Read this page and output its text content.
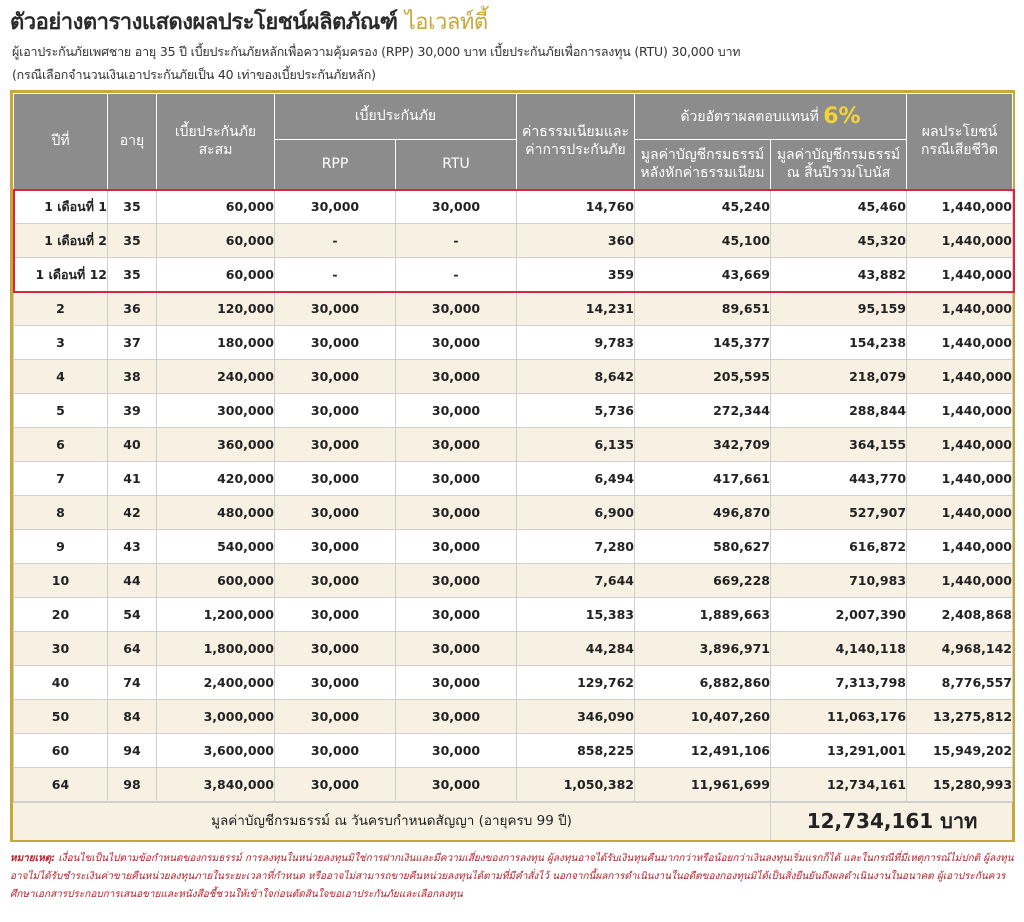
ตัวอย่างตารางแสดงผลประโยชน์ผลิตภัณฑ์ ไอเวลท์ตี้
ผู้เอาประกันภัยเพศชาย อายุ 35 ปี เบี้ยประกันภัยหลักเพื่อความคุ้มครอง (RPP) 30,000 บาท เบี้ยประกันภัยเพื่อการลงทุน (RTU) 30,000 บาท
(กรณีเลือกจำนวนเงินเอาประกันภัยเป็น 40 เท่าของเบี้ยประกันภัยหลัก)
ปีที่	อายุ	เบี้ยประกันภัย สะสม	เบี้ยประกันภัย		ค่าธรรมเนียมและ ค่าการประกันภัย	ด้วยอัตราผลตอบแทนที่ 6%		ผลประโยชน์ กรณีเสียชีวิต
			RPP	RTU		มูลค่าบัญชีกรมธรรม์ หลังหักค่าธรรมเนียม	มูลค่าบัญชีกรมธรรม์ ณ สิ้นปีรวมโบนัส	
1 เดือนที่ 1	35	60,000	30,000	30,000	14,760	45,240	45,460	1,440,000
1 เดือนที่ 2	35	60,000	-	-	360	45,100	45,320	1,440,000
1 เดือนที่ 12	35	60,000	-	-	359	43,669	43,882	1,440,000
2	36	120,000	30,000	30,000	14,231	89,651	95,159	1,440,000
3	37	180,000	30,000	30,000	9,783	145,377	154,238	1,440,000
4	38	240,000	30,000	30,000	8,642	205,595	218,079	1,440,000
5	39	300,000	30,000	30,000	5,736	272,344	288,844	1,440,000
6	40	360,000	30,000	30,000	6,135	342,709	364,155	1,440,000
7	41	420,000	30,000	30,000	6,494	417,661	443,770	1,440,000
8	42	480,000	30,000	30,000	6,900	496,870	527,907	1,440,000
9	43	540,000	30,000	30,000	7,280	580,627	616,872	1,440,000
10	44	600,000	30,000	30,000	7,644	669,228	710,983	1,440,000
20	54	1,200,000	30,000	30,000	15,383	1,889,663	2,007,390	2,408,868
30	64	1,800,000	30,000	30,000	44,284	3,896,971	4,140,118	4,968,142
40	74	2,400,000	30,000	30,000	129,762	6,882,860	7,313,798	8,776,557
50	84	3,000,000	30,000	30,000	346,090	10,407,260	11,063,176	13,275,812
60	94	3,600,000	30,000	30,000	858,225	12,491,106	13,291,001	15,949,202
64	98	3,840,000	30,000	30,000	1,050,382	11,961,699	12,734,161	15,280,993
มูลค่าบัญชีกรมธรรม์ ณ วันครบกำหนดสัญญา (อายุครบ 99 ปี)	12,734,161 บาท
หมายเหตุ: เงื่อนไขเป็นไปตามข้อกำหนดของกรมธรรม์ การลงทุนในหน่วยลงทุนมิใช่การฝากเงินและมีความเสี่ยงของการลงทุน ผู้ลงทุนอาจได้รับเงินทุนคืนมากกว่าหรือน้อยกว่าเงินลงทุนเริ่มแรกก็ได้ และในกรณีที่มีเหตุการณ์ไม่ปกติ ผู้ลงทุนอาจไม่ได้รับชำระเงินค่าขายคืนหน่วยลงทุนภายในระยะเวลาที่กำหนด หรืออาจไม่สามารถขายคืนหน่วยลงทุนได้ตามที่มีคำสั่งไว้ นอกจากนี้ผลการดำเนินงานในอดีตของกองทุนมิได้เป็นสิ่งยืนยันถึงผลดำเนินงานในอนาคต ผู้เอาประกันควรศึกษาเอกสารประกอบการเสนอขายและหนังสือชี้ชวนให้เข้าใจก่อนตัดสินใจขอเอาประกันภัยและเลือกลงทุน
